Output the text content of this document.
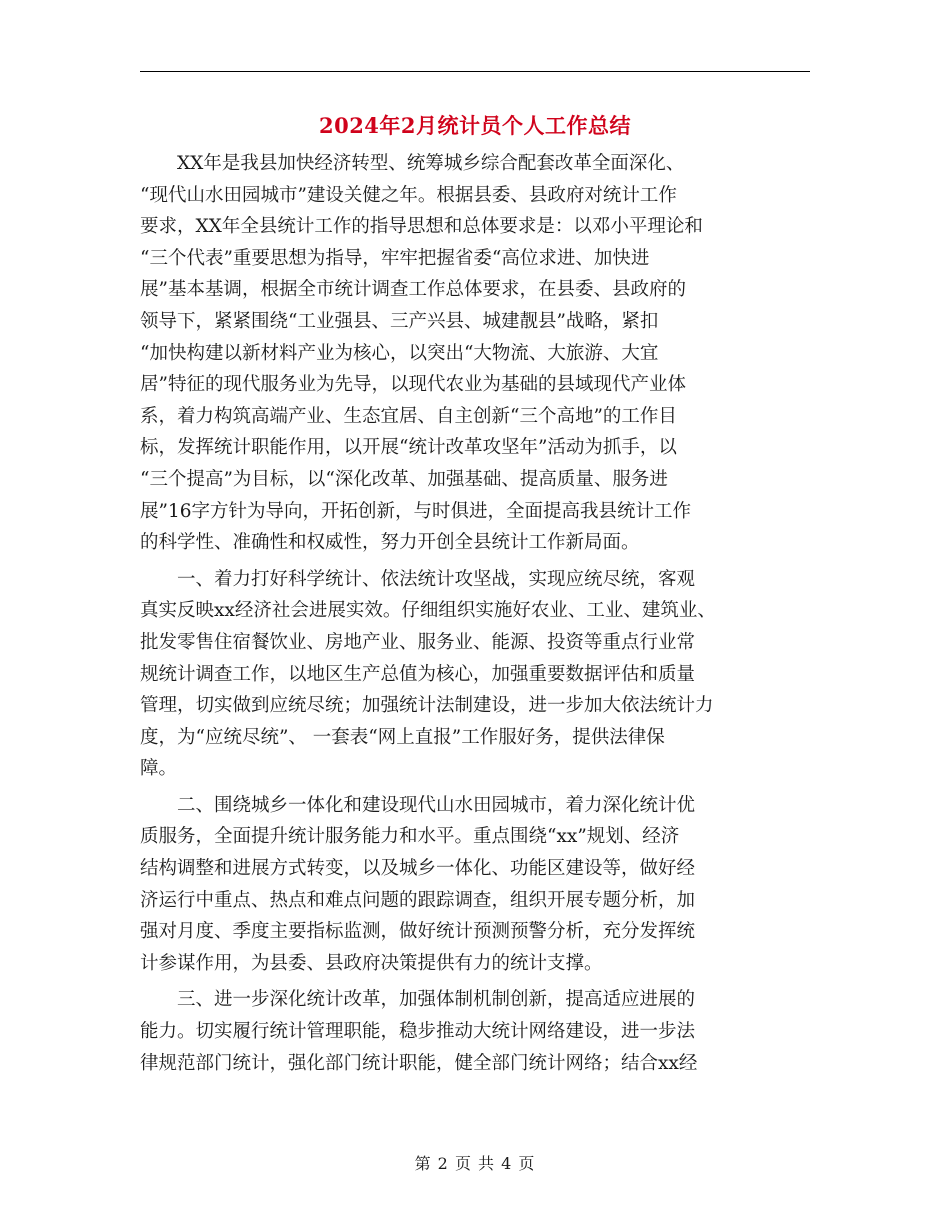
2024年2月统计员个人工作总结
XX年是我县加快经济转型、统筹城乡综合配套改革全面深化、
“现代山水田园城市”建设关健之年。根据县委、县政府对统计工作
要求，XX年全县统计工作的指导思想和总体要求是：以邓小平理论和
“三个代表”重要思想为指导，牢牢把握省委“高位求进、加快进
展”基本基调，根据全市统计调查工作总体要求，在县委、县政府的
领导下，紧紧围绕“工业强县、三产兴县、城建靓县”战略，紧扣
“加快构建以新材料产业为核心，以突出“大物流、大旅游、大宜
居”特征的现代服务业为先导，以现代农业为基础的县域现代产业体
系，着力构筑高端产业、生态宜居、自主创新“三个高地”的工作目
标，发挥统计职能作用，以开展“统计改革攻坚年”活动为抓手，以
“三个提高”为目标，以“深化改革、加强基础、提高质量、服务进
展”16字方针为导向，开拓创新，与时俱进，全面提高我县统计工作
的科学性、准确性和权威性，努力开创全县统计工作新局面。
一、着力打好科学统计、依法统计攻坚战，实现应统尽统，客观
真实反映xx经济社会进展实效。仔细组织实施好农业、工业、建筑业、
批发零售住宿餐饮业、房地产业、服务业、能源、投资等重点行业常
规统计调查工作，以地区生产总值为核心，加强重要数据评估和质量
管理，切实做到应统尽统；加强统计法制建设，进一步加大依法统计力
度，为“应统尽统”、 一套表“网上直报”工作服好务，提供法律保
障。
二、围绕城乡一体化和建设现代山水田园城市，着力深化统计优
质服务，全面提升统计服务能力和水平。重点围绕“xx”规划、经济
结构调整和进展方式转变，以及城乡一体化、功能区建设等，做好经
济运行中重点、热点和难点问题的跟踪调查，组织开展专题分析，加
强对月度、季度主要指标监测，做好统计预测预警分析，充分发挥统
计参谋作用，为县委、县政府决策提供有力的统计支撑。
三、进一步深化统计改革，加强体制机制创新，提高适应进展的
能力。切实履行统计管理职能，稳步推动大统计网络建设，进一步法
律规范部门统计，强化部门统计职能，健全部门统计网络；结合xx经
第 2 页 共 4 页
